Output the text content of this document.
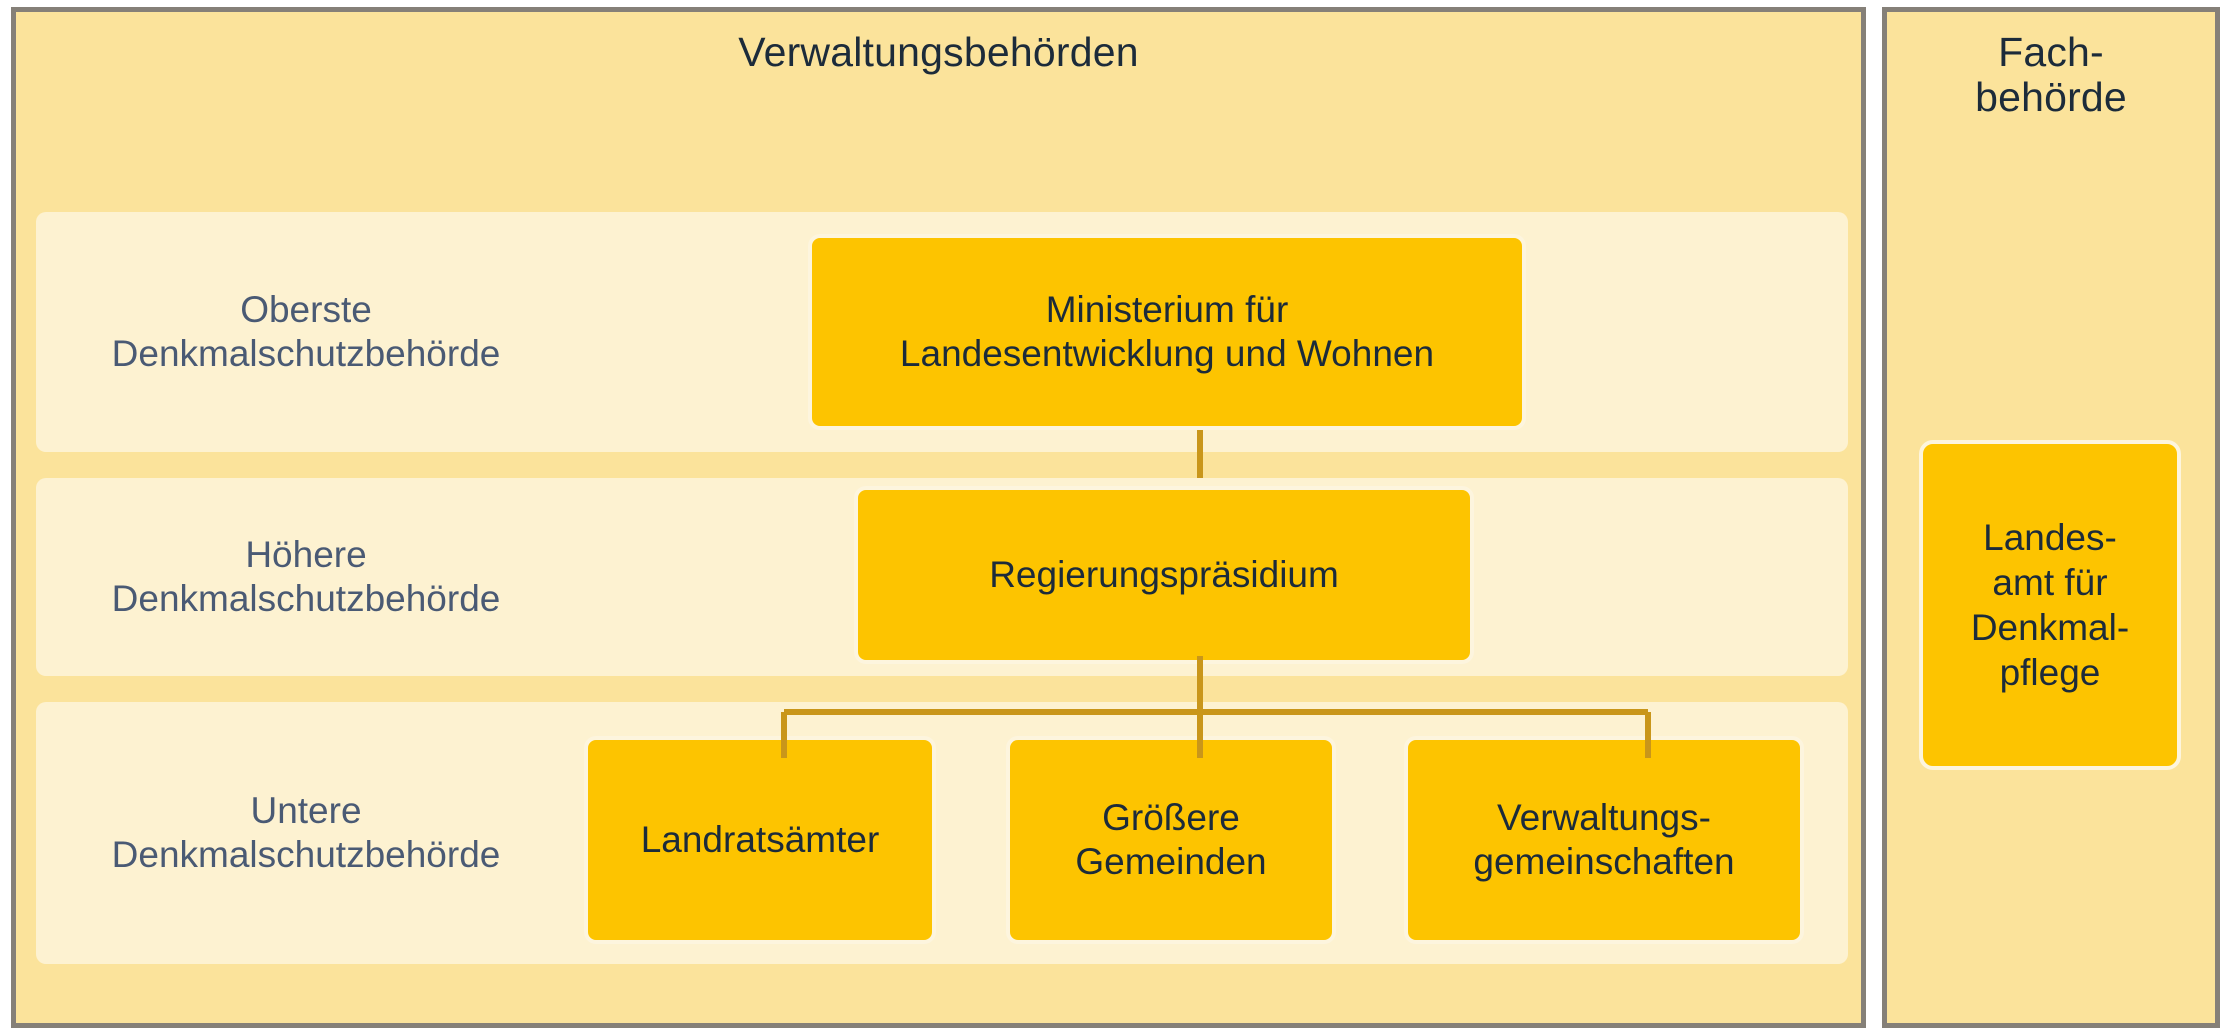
Verwaltungsbehörden
Oberste
Denkmalschutzbehörde
Ministerium für
Landesentwicklung und Wohnen
Höhere
Denkmalschutzbehörde
Regierungspräsidium
Untere
Denkmalschutzbehörde	Landratsämter
Größere
Gemeinden
Verwaltungs-
gemeinschaften
Fach-
behörde
Landes-
amt für
Denkmal-
pflege
